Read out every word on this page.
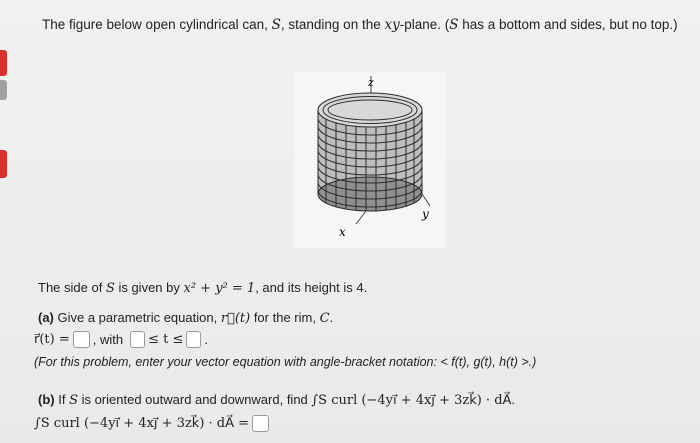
The figure below open cylindrical can, S, standing on the xy-plane. (S has a bottom and sides, but no top.)
z
x
y
The side of S is given by x² + y² = 1, and its height is 4.
(a) Give a parametric equation, r⃗(t) for the rim, C.
r⃗(t) = , with ≤ t ≤ .
(For this problem, enter your vector equation with angle-bracket notation: < f(t), g(t), h(t) >.)
(b) If S is oriented outward and downward, find ∫S curl (−4yi⃗ + 4xj⃗ + 3zk⃗) · dA⃗.
∫S curl (−4yi⃗ + 4xj⃗ + 3zk⃗) · dA⃗ =
